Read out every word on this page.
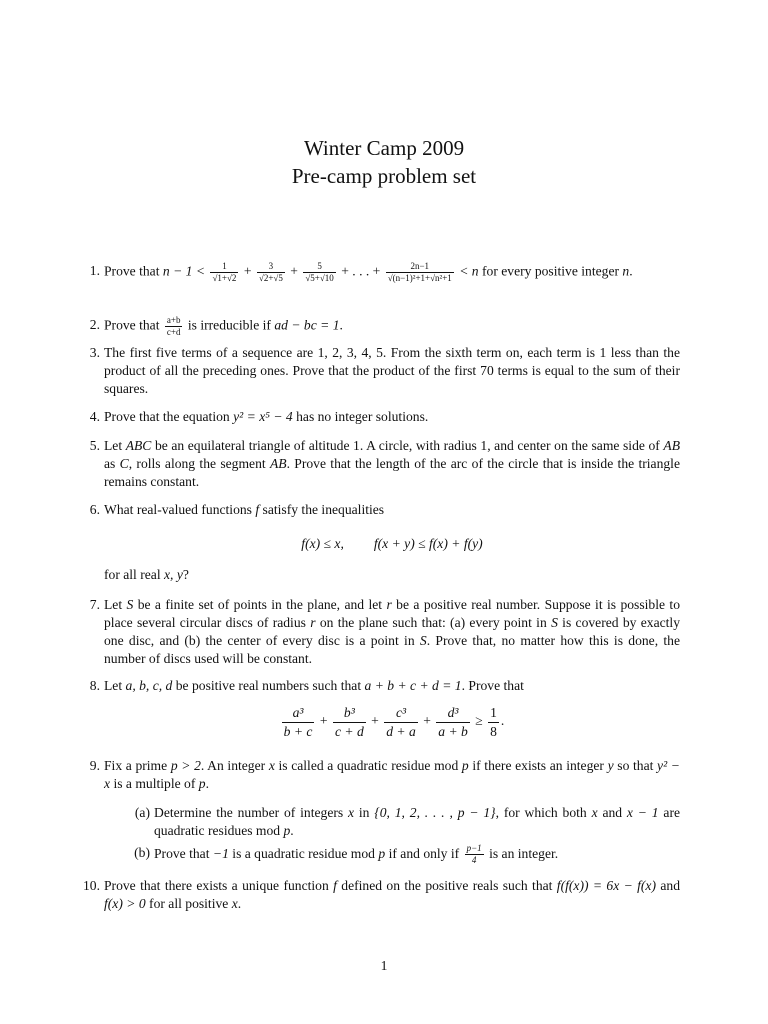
Winter Camp 2009
Pre-camp problem set
1. Prove that $n - 1 < \frac{1}{√1+√2} + \frac{3}{√2+√5} + \frac{5}{√5+√10}$ + . . . + $\frac{2n-1}{\text{√(n−1)²+1+√n²+1}} < n$ for every positive integer n.
2. Prove that $\frac{a+b}{c+d}$ is irreducible if ad − bc = 1.
3. The first five terms of a sequence are 1, 2, 3, 4, 5. From the sixth term on, each term is 1 less than the product of all the preceding ones. Prove that the product of the first 70 terms is equal to the sum of their squares.
4. Prove that the equation y² = x⁵ − 4 has no integer solutions.
5. Let ABC be an equilateral triangle of altitude 1. A circle, with radius 1, and center on the same side of AB as C, rolls along the segment AB. Prove that the length of the arc of the circle that is inside the triangle remains constant.
6. What real-valued functions f satisfy the inequalities
f(x) ≤ x, f(x + y) ≤ f(x) + f(y)
for all real x, y?
7. Let S be a finite set of points in the plane, and let r be a positive real number. Suppose it is possible to place several circular discs of radius r on the plane such that: (a) every point in S is covered by exactly one disc, and (b) the center of every disc is a point in S. Prove that, no matter how this is done, the number of discs used will be constant.
8. Let a, b, c, d be positive real numbers such that a + b + c + d = 1. Prove that
$\frac{\text{a³}}{b + c} + \frac{\text{b³}}{c + d} + \frac{\text{c³}}{d + a} + \frac{\text{d³}}{a + b} \ge \frac{1}{8}$ .
9. Fix a prime p > 2. An integer x is called a quadratic residue mod p if there exists an integer y so that y² − x is a multiple of p.
(a) Determine the number of integers x in {0, 1, 2, . . . , p − 1}, for which both x and x − 1 are quadratic residues mod p.
(b) Prove that −1 is a quadratic residue mod p if and only if $\frac{p-1}{4}$ is an integer.
10. Prove that there exists a unique function f defined on the positive reals such that f(f(x)) = 6x − f(x) and f(x) > 0 for all positive x.
1
